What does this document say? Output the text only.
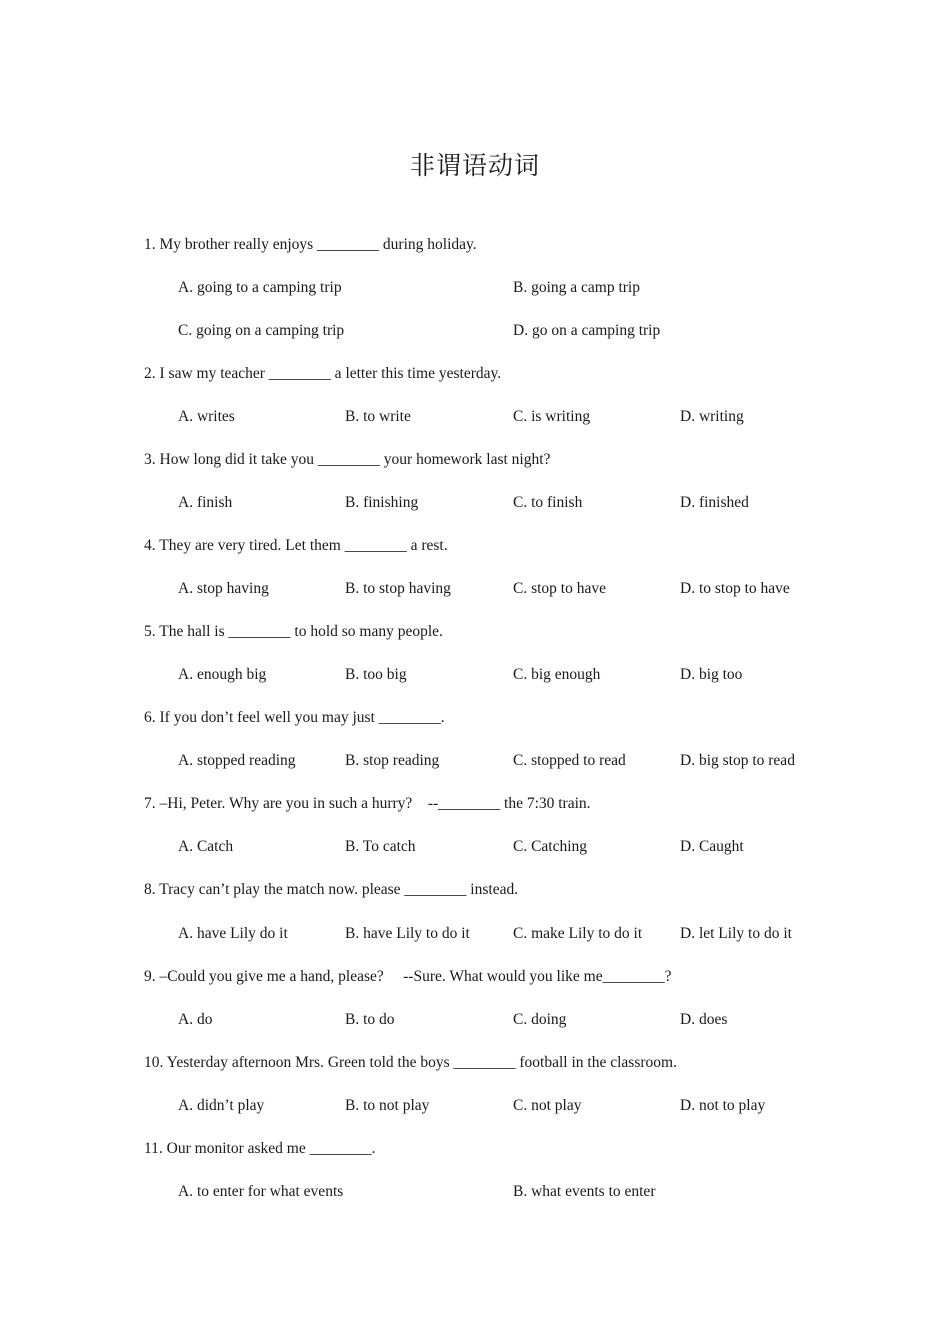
非谓语动词
1. My brother really enjoys ________ during holiday.
A. going to a camping trip	B. going a camp trip
C. going on a camping trip	D. go on a camping trip
2. I saw my teacher ________ a letter this time yesterday.
A. writes	B. to write	C. is writing	D. writing
3. How long did it take you ________ your homework last night?
A. finish	B. finishing	C. to finish	D. finished
4. They are very tired. Let them ________ a rest.
A. stop having	B. to stop having	C. stop to have	D. to stop to have
5. The hall is ________ to hold so many people.
A. enough big	B. too big	C. big enough	D. big too
6. If you don’t feel well you may just ________.
A. stopped reading	B. stop reading	C. stopped to read	D. big stop to read
7. –Hi, Peter. Why are you in such a hurry?    --________ the 7:30 train.
A. Catch	B. To catch	C. Catching	D. Caught
8. Tracy can’t play the match now. please ________ instead.
A. have Lily do it	B. have Lily to do it	C. make Lily to do it D. let Lily to do it
9. –Could you give me a hand, please?     --Sure. What would you like me________?
A. do	B. to do	C. doing	D. does
10. Yesterday afternoon Mrs. Green told the boys ________ football in the classroom.
A. didn’t play	B. to not play	C. not play	D. not to play
11. Our monitor asked me ________.
A. to enter for what events	B. what events to enter
